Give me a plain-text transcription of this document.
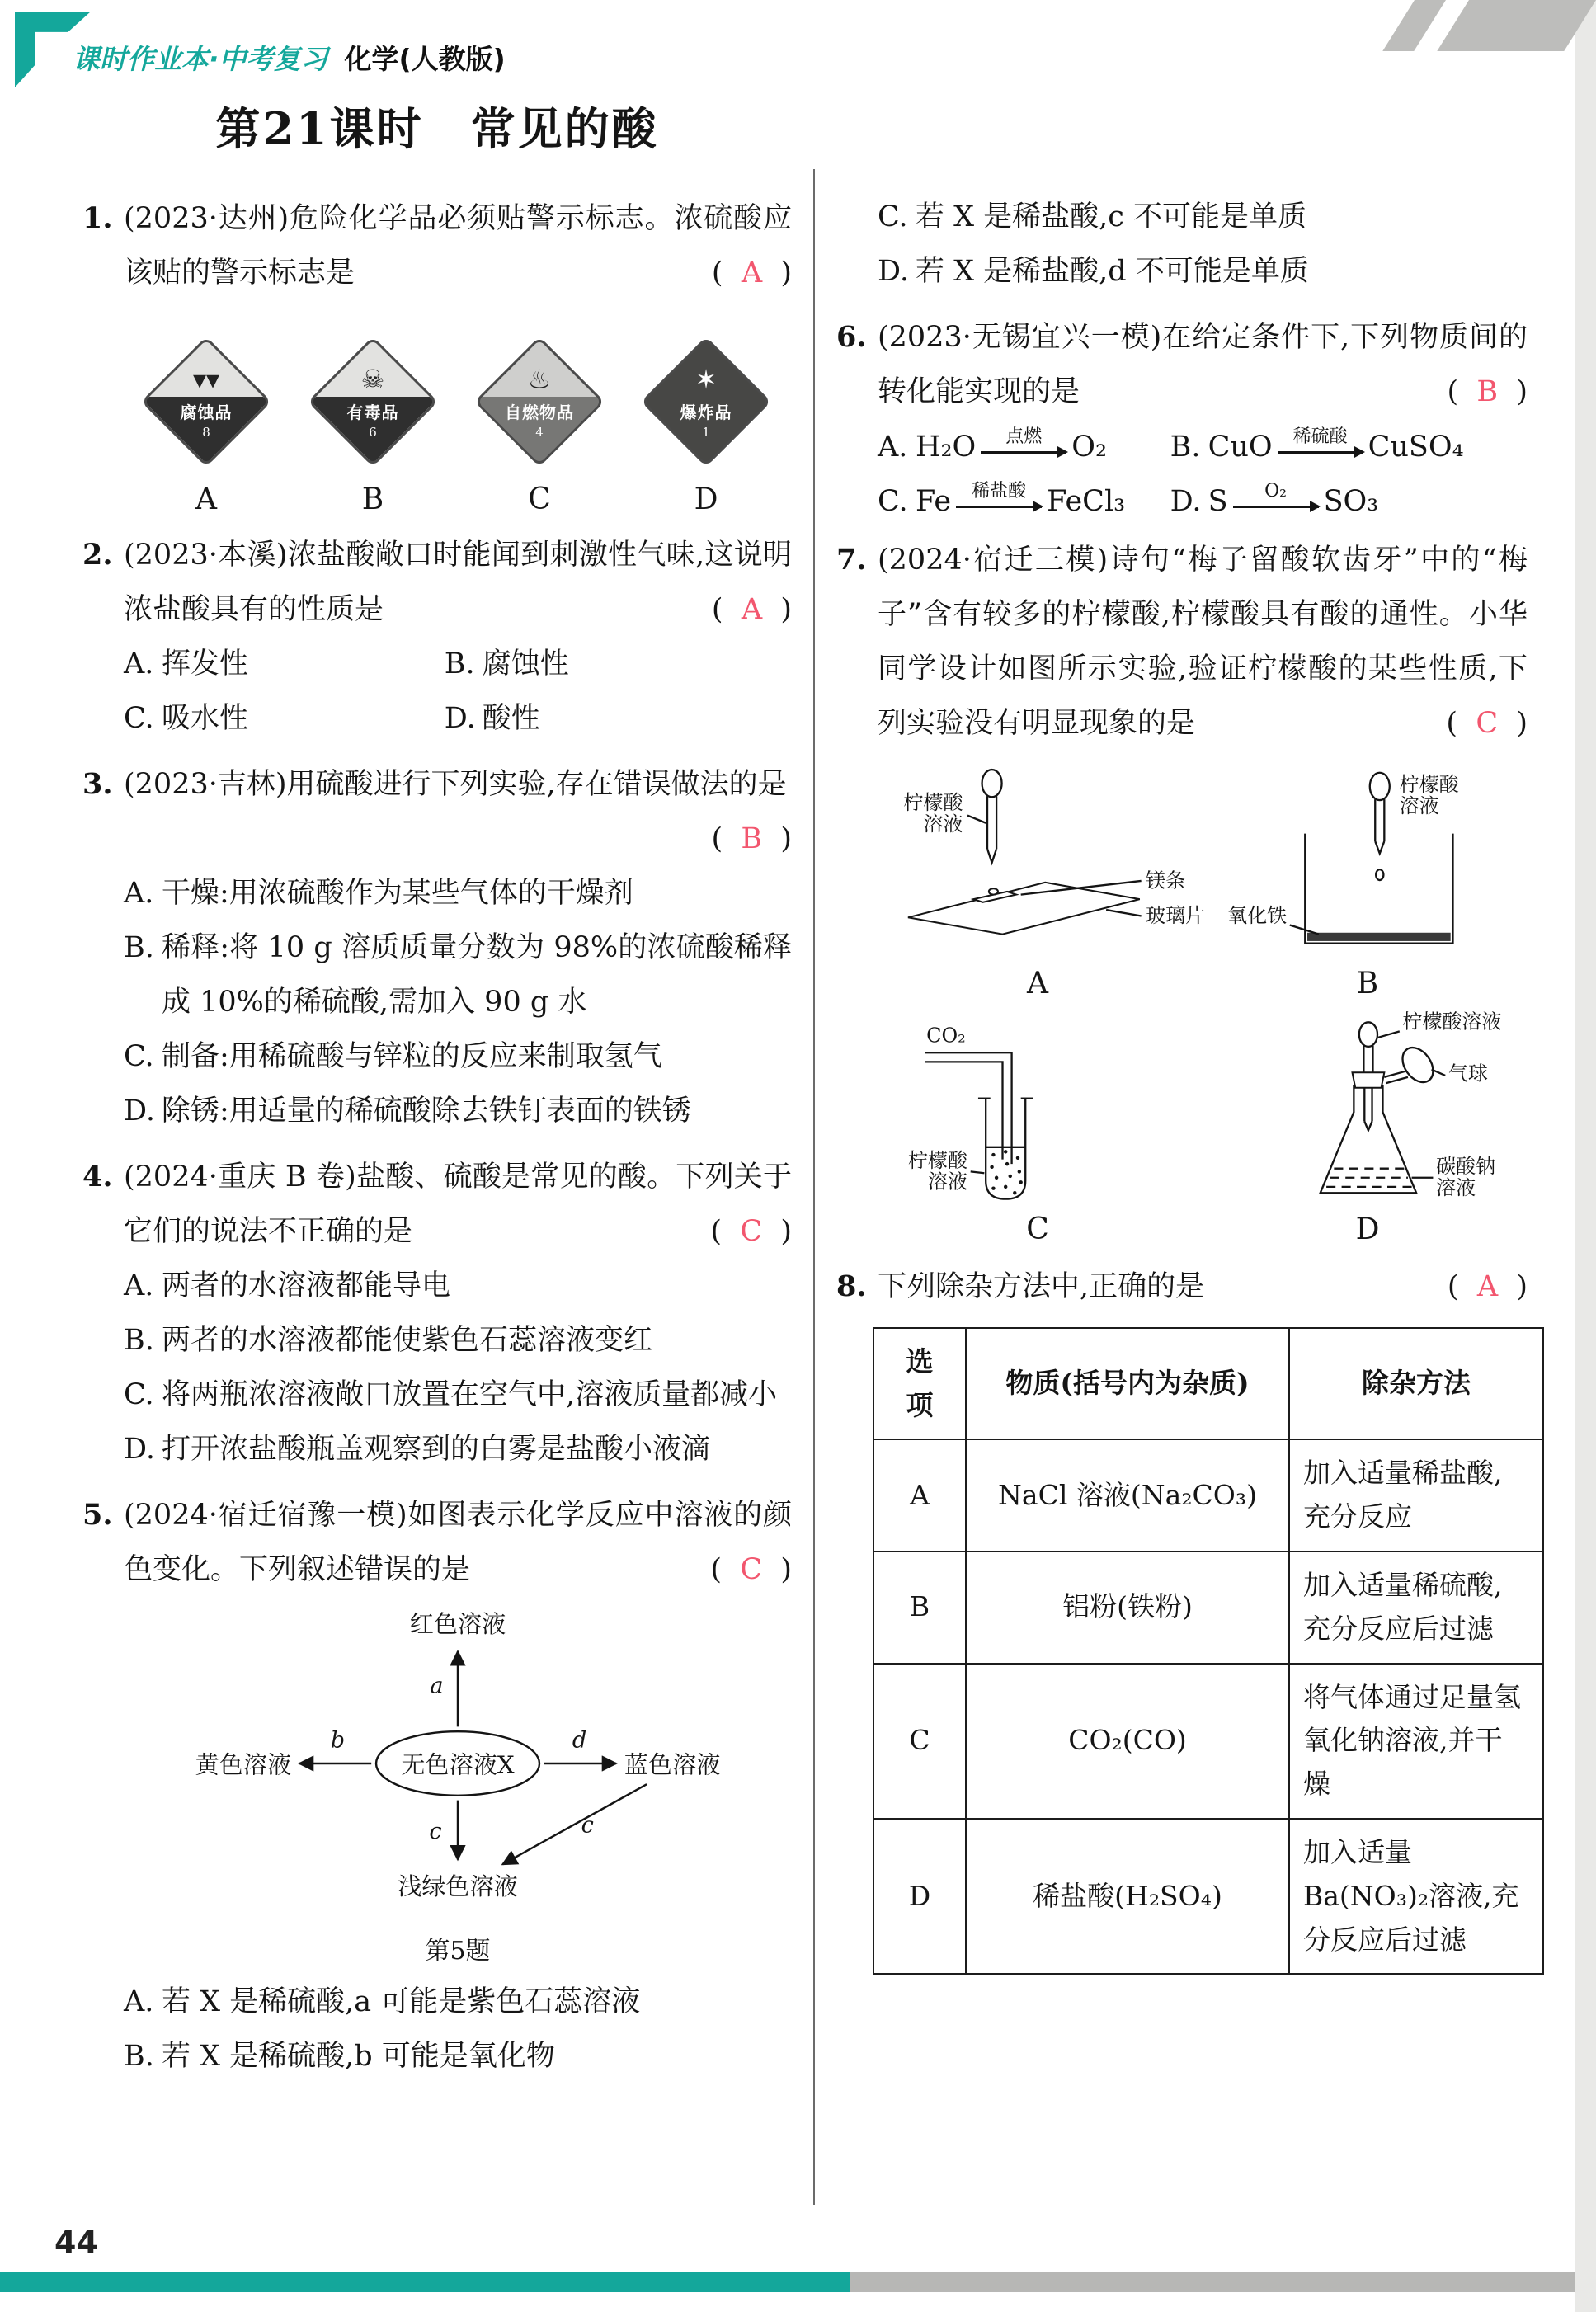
课时作业本·中考复习 化学(人教版)
第21课时　常见的酸
1. (2023·达州)危险化学品必须贴警示标志。浓硫酸应该贴的警示标志是	(  A  )

▾▾
腐蚀品
8
A
☠
有毒品
6
B
♨
自燃物品
4
C
✶
爆炸品
1
D
2. (2023·本溪)浓盐酸敞口时能闻到刺激性气味,这说明浓盐酸具有的性质是	(  A  )

A. 挥发性	B. 腐蚀性
C. 吸水性	D. 酸性
3. (2023·吉林)用硫酸进行下列实验,存在错误做法的是
(  B  )

A. 干燥:用浓硫酸作为某些气体的干燥剂
B. 稀释:将 10 g 溶质质量分数为 98%的浓硫酸稀释成 10%的稀硫酸,需加入 90 g 水
C. 制备:用稀硫酸与锌粒的反应来制取氢气
D. 除锈:用适量的稀硫酸除去铁钉表面的铁锈
4. (2024·重庆 B 卷)盐酸、硫酸是常见的酸。下列关于它们的说法不正确的是	(  C  )

A. 两者的水溶液都能导电
B. 两者的水溶液都能使紫色石蕊溶液变红
C. 将两瓶浓溶液敞口放置在空气中,溶液质量都减小
D. 打开浓盐酸瓶盖观察到的白雾是盐酸小液滴
5. (2024·宿迁宿豫一模)如图表示化学反应中溶液的颜色变化。下列叙述错误的是	(  C  )

红色溶液
a
无色溶液X
b
黄色溶液
d
蓝色溶液
c	c
浅绿色溶液
第5题
A. 若 X 是稀硫酸,a 可能是紫色石蕊溶液
B. 若 X 是稀硫酸,b 可能是氧化物
C. 若 X 是稀盐酸,c 不可能是单质
D. 若 X 是稀盐酸,d 不可能是单质
6. (2023·无锡宜兴一模)在给定条件下,下列物质间的转化能实现的是	(  B  )

A. H₂O 点燃 O₂ B. CuO 稀硫酸 CuSO₄
C. Fe 稀盐酸 FeCl₃ D. S O₂ SO₃
7. (2024·宿迁三模)诗句“梅子留酸软齿牙”中的“梅子”含有较多的柠檬酸,柠檬酸具有酸的通性。小华同学设计如图所示实验,验证柠檬酸的某些性质,下列实验没有明显现象的是	(  C  )

柠檬酸
溶液
镁条
玻璃片
A
柠檬酸
溶液
氧化铁
B
CO₂
柠檬酸
溶液
C
柠檬酸溶液
气球
碳酸钠
溶液
D
8. 下列除杂方法中,正确的是	(  A  )

选　项	物质(括号内为杂质)	除杂方法
A	NaCl 溶液(Na₂CO₃)	加入适量稀盐酸,充分反应
B	铝粉(铁粉)	加入适量稀硫酸,充分反应后过滤
C	CO₂(CO)	将气体通过足量氢氧化钠溶液,并干燥
D	稀盐酸(H₂SO₄)	加入适量Ba(NO₃)₂溶液,充分反应后过滤
44
